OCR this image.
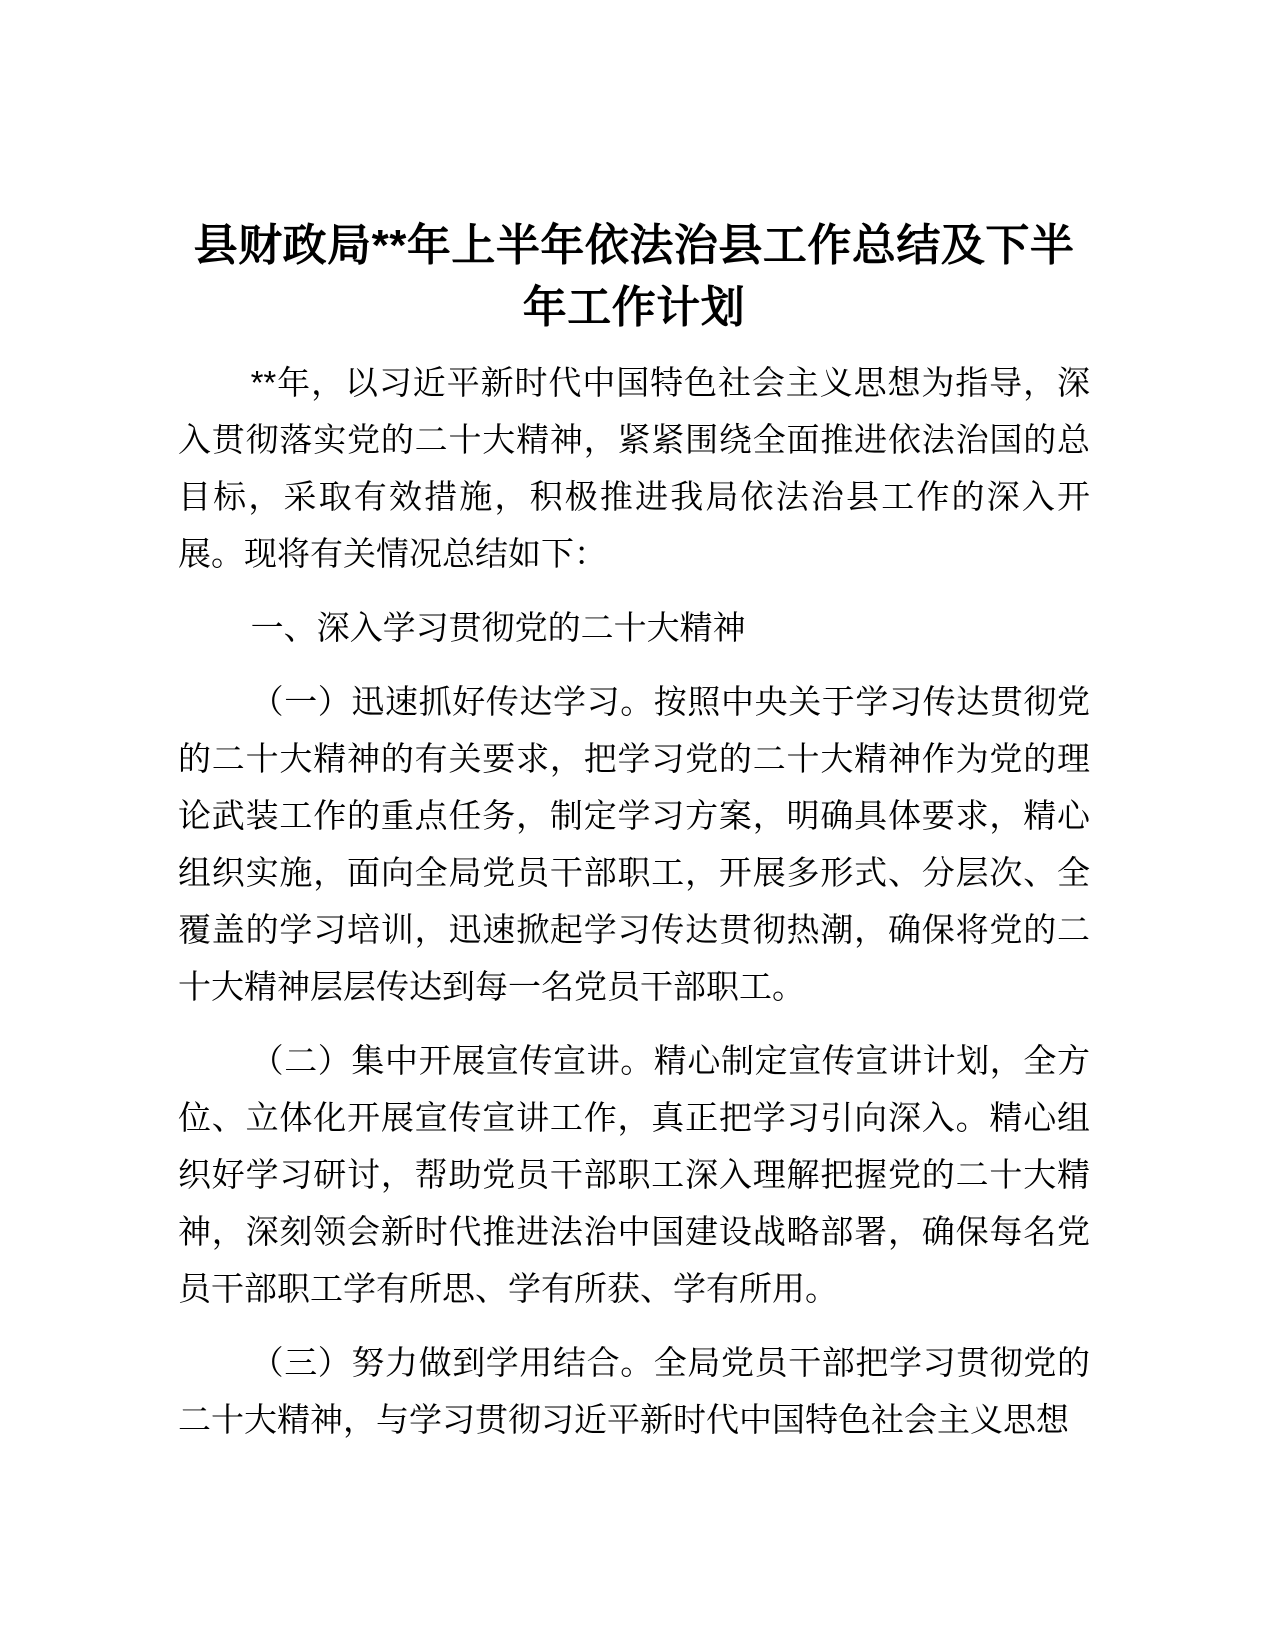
县财政局**年上半年依法治县工作总结及下半年工作计划

**年，以习近平新时代中国特色社会主义思想为指导，深入贯彻落实党的二十大精神，紧紧围绕全面推进依法治国的总目标，采取有效措施，积极推进我局依法治县工作的深入开展。现将有关情况总结如下：

一、深入学习贯彻党的二十大精神

（一）迅速抓好传达学习。按照中央关于学习传达贯彻党的二十大精神的有关要求，把学习党的二十大精神作为党的理论武装工作的重点任务，制定学习方案，明确具体要求，精心组织实施，面向全局党员干部职工，开展多形式、分层次、全覆盖的学习培训，迅速掀起学习传达贯彻热潮，确保将党的二十大精神层层传达到每一名党员干部职工。

（二）集中开展宣传宣讲。精心制定宣传宣讲计划，全方位、立体化开展宣传宣讲工作，真正把学习引向深入。精心组织好学习研讨，帮助党员干部职工深入理解把握党的二十大精神，深刻领会新时代推进法治中国建设战略部署，确保每名党员干部职工学有所思、学有所获、学有所用。

（三）努力做到学用结合。全局党员干部把学习贯彻党的二十大精神，与学习贯彻习近平新时代中国特色社会主义思想
